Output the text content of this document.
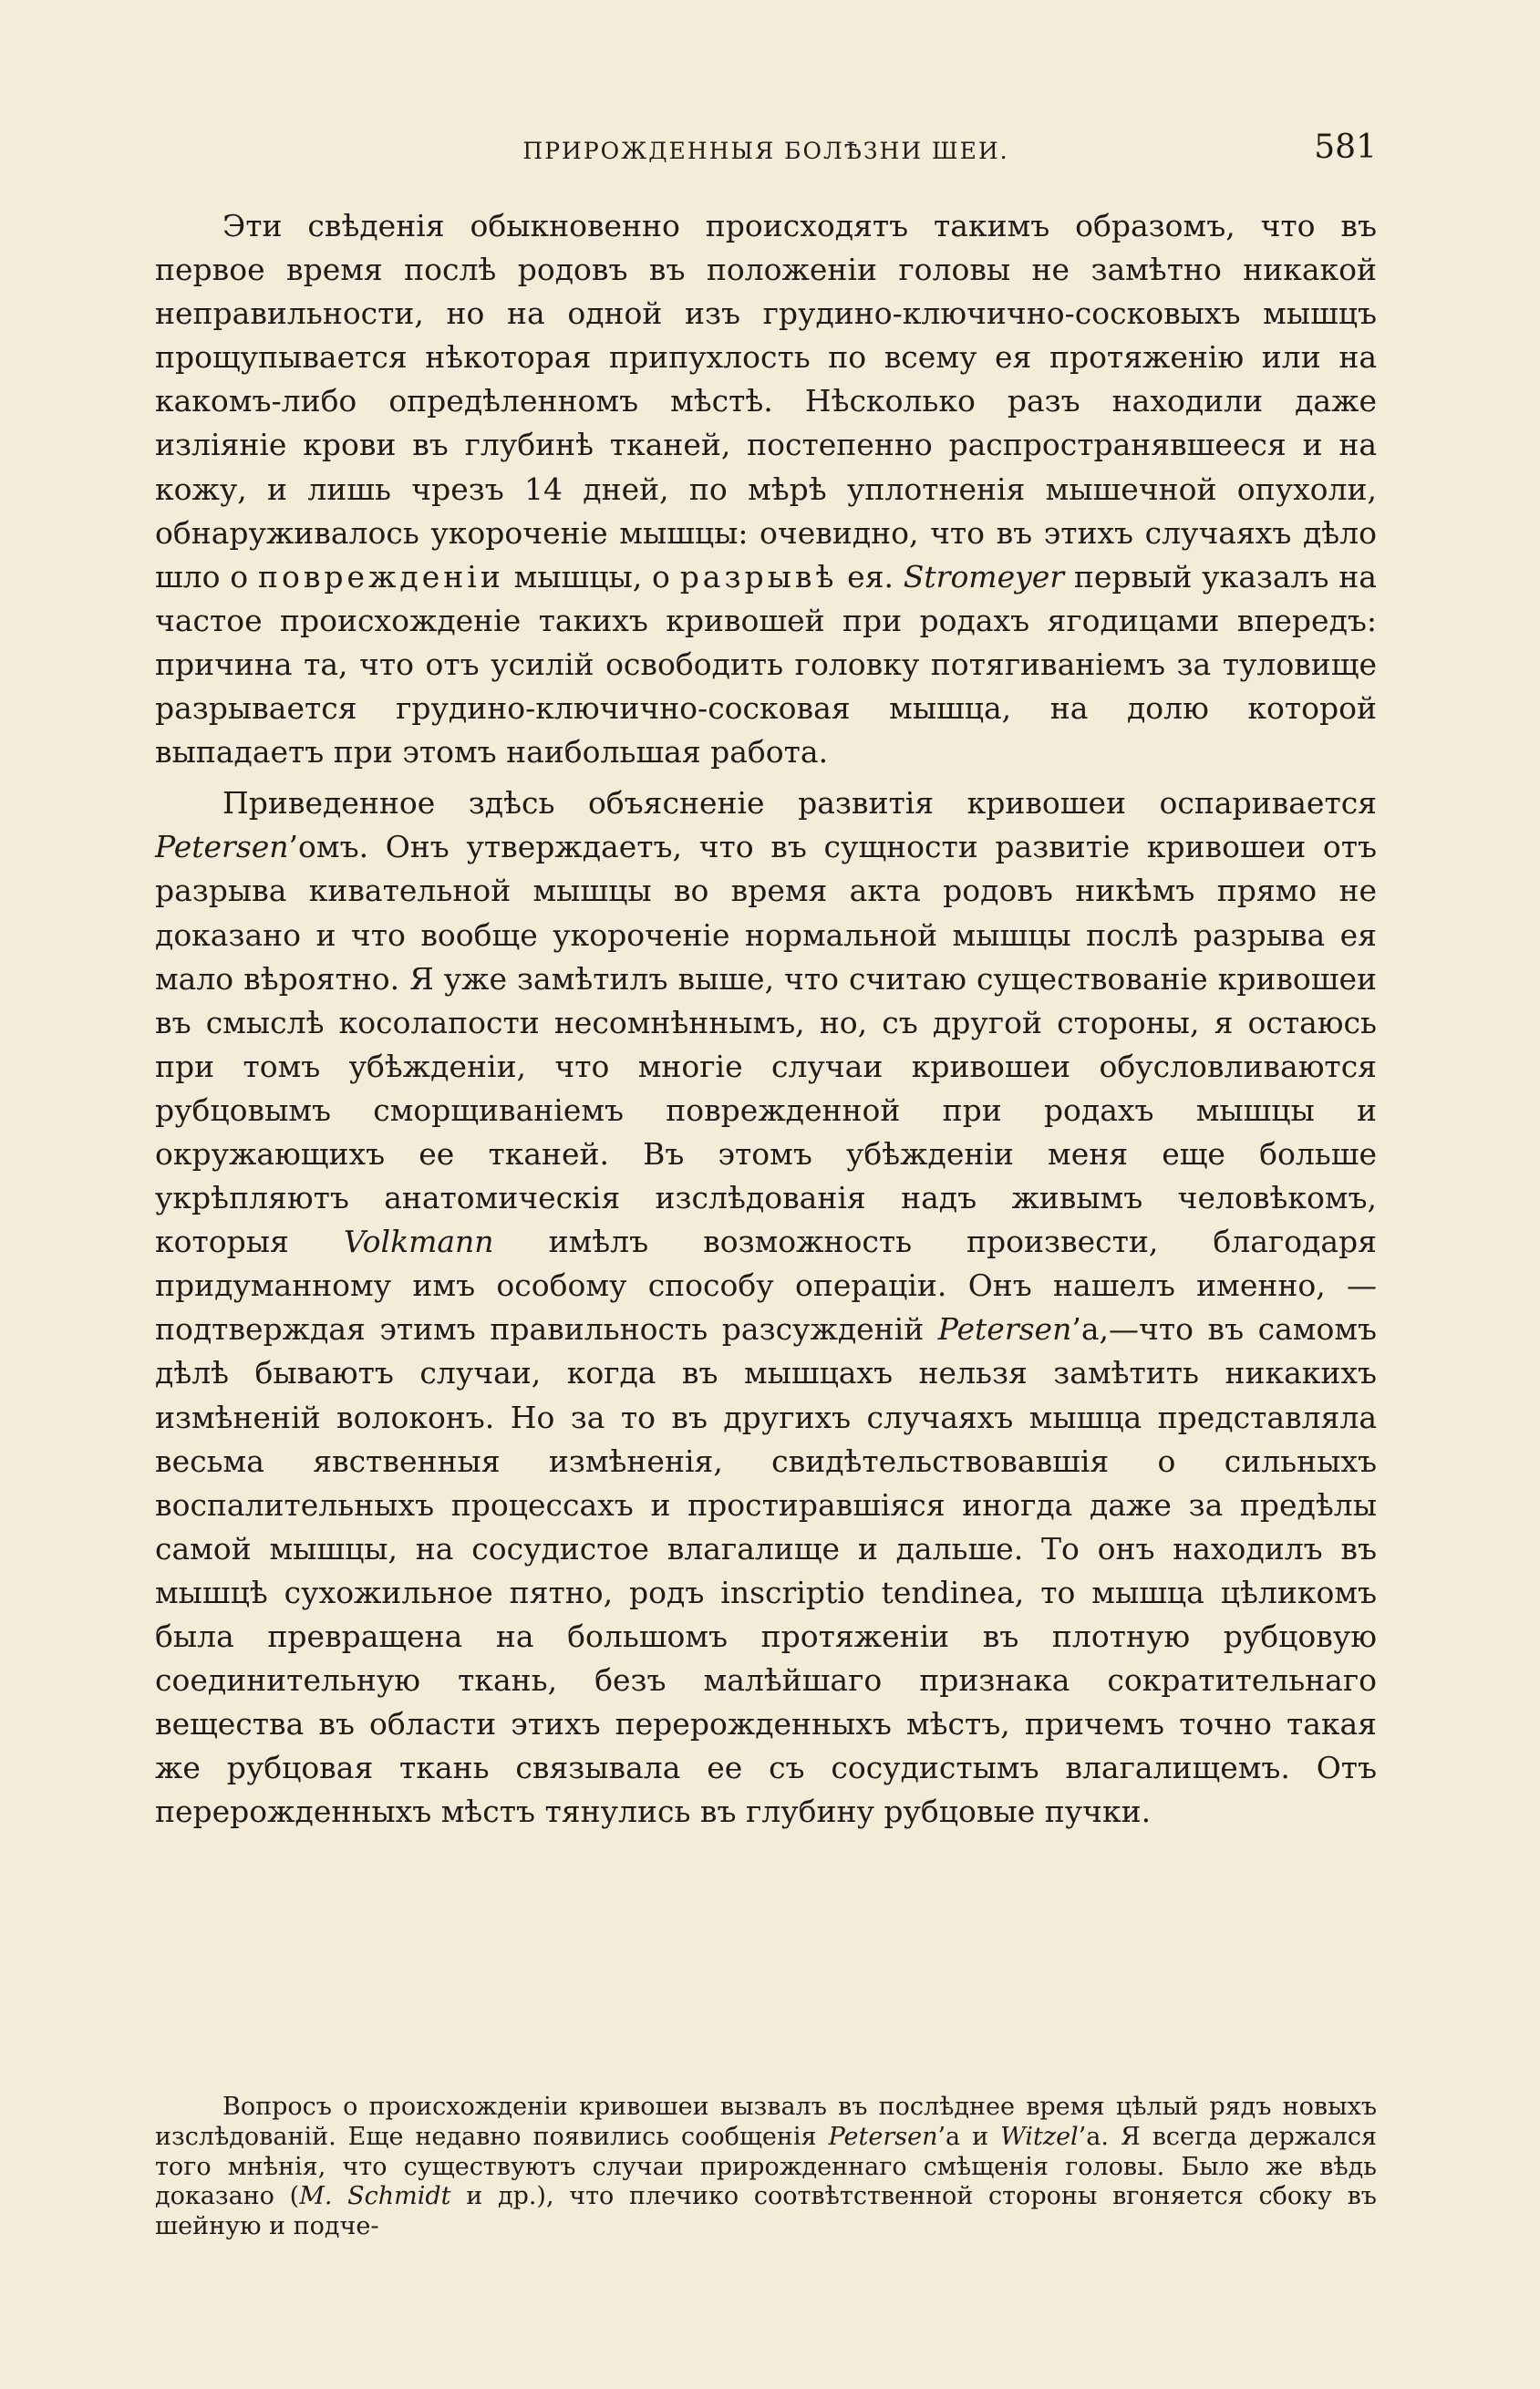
ПРИРОЖДЕННЫЯ БОЛѢЗНИ ШЕИ.	581

Эти свѣденія обыкновенно происходятъ такимъ образомъ, что въ первое время послѣ родовъ въ положеніи головы не замѣтно никакой неправильности, но на одной изъ грудино-ключично-сосковыхъ мышцъ прощупывается нѣкоторая припухлость по всему ея протяженію или на какомъ-либо опредѣленномъ мѣстѣ. Нѣсколько разъ находили даже изліяніе крови въ глубинѣ тканей, постепенно распространявшееся и на кожу, и лишь чрезъ 14 дней, по мѣрѣ уплотненія мышечной опухоли, обнаруживалось укороченіе мышцы: очевидно, что въ этихъ случаяхъ дѣло шло о поврежденіи мышцы, о разрывѣ ея. Stromeyer первый указалъ на частое происхожденіе такихъ кривошей при родахъ ягодицами впередъ: причина та, что отъ усилій освободить головку потягиваніемъ за туловище разрывается грудино-ключично-сосковая мышца, на долю которой выпадаетъ при этомъ наибольшая работа.

Приведенное здѣсь объясненіе развитія кривошеи оспаривается Petersen’омъ. Онъ утверждаетъ, что въ сущности развитіе кривошеи отъ разрыва кивательной мышцы во время акта родовъ никѣмъ прямо не доказано и что вообще укороченіе нормальной мышцы послѣ разрыва ея мало вѣроятно. Я уже замѣтилъ выше, что считаю существованіе кривошеи въ смыслѣ косолапости несомнѣннымъ, но, съ другой стороны, я остаюсь при томъ убѣжденіи, что многіе случаи кривошеи обусловливаются рубцовымъ сморщиваніемъ поврежденной при родахъ мышцы и окружающихъ ее тканей. Въ этомъ убѣжденіи меня еще больше укрѣпляютъ анатомическія изслѣдованія надъ живымъ человѣкомъ, которыя Volkmann имѣлъ возможность произвести, благодаря придуманному имъ особому способу операціи. Онъ нашелъ именно, — подтверждая этимъ правильность разсужденій Petersen’а,—что въ самомъ дѣлѣ бываютъ случаи, когда въ мышцахъ нельзя замѣтить никакихъ измѣненій волоконъ. Но за то въ другихъ случаяхъ мышца представляла весьма явственныя измѣненія, свидѣтельствовавшія о сильныхъ воспалительныхъ процессахъ и простиравшіяся иногда даже за предѣлы самой мышцы, на сосудистое влагалище и дальше. То онъ находилъ въ мышцѣ сухожильное пятно, родъ inscriptio tendinea, то мышца цѣликомъ была превращена на большомъ протяженіи въ плотную рубцовую соединительную ткань, безъ малѣйшаго признака сократительнаго вещества въ области этихъ перерожденныхъ мѣстъ, причемъ точно такая же рубцовая ткань связывала ее съ сосудистымъ влагалищемъ. Отъ перерожденныхъ мѣстъ тянулись въ глубину рубцовые пучки.

Вопросъ о происхожденіи кривошеи вызвалъ въ послѣднее время цѣлый рядъ новыхъ изслѣдованій. Еще недавно появились сообщенія Petersen’а и Witzel’а. Я всегда держался того мнѣнія, что существуютъ случаи прирожденнаго смѣщенія головы. Было же вѣдь доказано (M. Schmidt и др.), что плечико соотвѣтственной стороны вгоняется сбоку въ шейную и подче-
